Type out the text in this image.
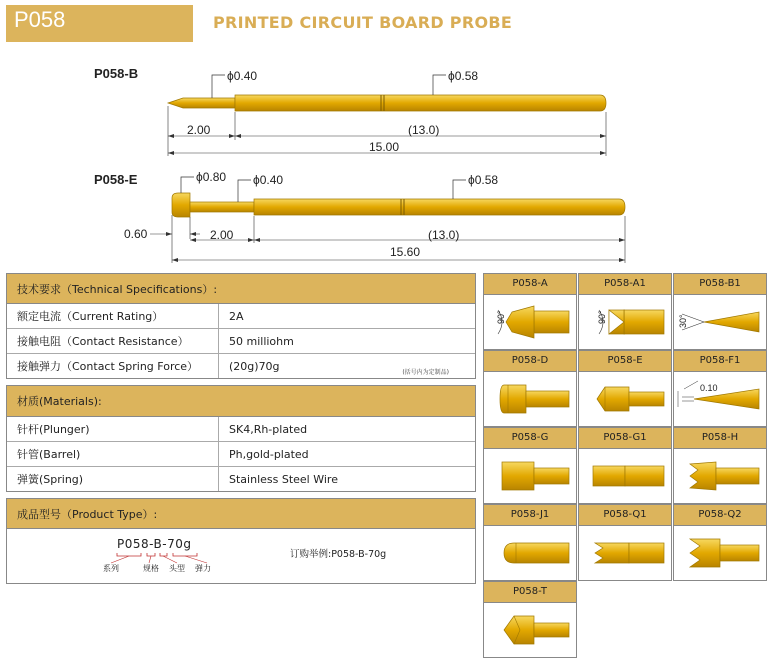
P058	PRINTED CIRCUIT BOARD PROBE
P058-B	ϕ0.40	ϕ0.58
2.00	(13.0)
15.00
P058-E	ϕ0.80 ϕ0.40	ϕ0.58
0.60	2.00	(13.0)
15.60
技术要求（Technical Specifications）:
额定电流（Current Rating）	2A
接触电阻（Contact Resistance）	50 milliohm
接触弹力（Contact Spring Force）	(20g)70g	(括号内为定制品)
材质(Materials):
针杆(Plunger)	SK4,Rh-plated
针管(Barrel)	Ph,gold-plated
弹簧(Spring)	Stainless Steel Wire
成品型号（Product Type）:
P058-B-70g
系列	规格 头型 弹力
订购举例:P058-B-70g
P058-A
90°
P058-A1
90°
P058-B1
30°
P058-D	P058-E	P058-F1
0.10
P058-G	P058-G1	P058-H
P058-J1	P058-Q1	P058-Q2
P058-T
